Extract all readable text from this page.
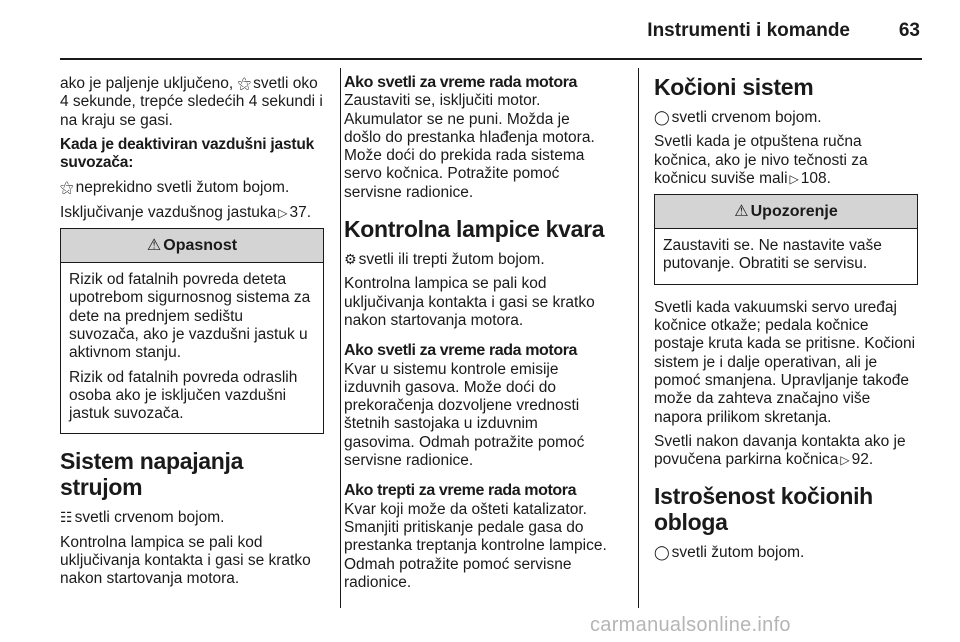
Instrumenti i komande	63

ako je paljenje uključeno, ⚝ svetli oko 4 sekunde, trepće sledećih 4 sekundi i na kraju se gasi.

Kada je deaktiviran vazdušni jastuk suvozača:

⚝ neprekidno svetli žutom bojom.

Isključivanje vazdušnog jastuka ▷ 37.

⚠ Opasnost

Rizik od fatalnih povreda deteta upotrebom sigurnosnog sistema za dete na prednjem sedištu suvozača, ako je vazdušni jastuk u aktivnom stanju.

Rizik od fatalnih povreda odraslih osoba ako je isključen vazdušni jastuk suvozača.

Sistem napajanja strujom

☷ svetli crvenom bojom.

Kontrolna lampica se pali kod uključivanja kontakta i gasi se kratko nakon startovanja motora.

Ako svetli za vreme rada motora

Zaustaviti se, isključiti motor. Akumulator se ne puni. Možda je došlo do prestanka hlađenja motora. Može doći do prekida rada sistema servo kočnica. Potražite pomoć servisne radionice.

Kontrolna lampice kvara

⚙ svetli ili trepti žutom bojom.

Kontrolna lampica se pali kod uključivanja kontakta i gasi se kratko nakon startovanja motora.

Ako svetli za vreme rada motora

Kvar u sistemu kontrole emisije izduvnih gasova. Može doći do prekoračenja dozvoljene vrednosti štetnih sastojaka u izduvnim gasovima. Odmah potražite pomoć servisne radionice.

Ako trepti za vreme rada motora

Kvar koji može da ošteti katalizator. Smanjiti pritiskanje pedale gasa do prestanka treptanja kontrolne lampice. Odmah potražite pomoć servisne radionice.

Kočioni sistem

◯ svetli crvenom bojom.

Svetli kada je otpuštena ručna kočnica, ako je nivo tečnosti za kočnicu suviše mali ▷ 108.

⚠ Upozorenje

Zaustaviti se. Ne nastavite vaše putovanje. Obratiti se servisu.

Svetli kada vakuumski servo uređaj kočnice otkaže; pedala kočnice postaje kruta kada se pritisne. Kočioni sistem je i dalje operativan, ali je pomoć smanjena. Upravljanje takođe može da zahteva značajno više napora prilikom skretanja.

Svetli nakon davanja kontakta ako je povučena parkirna kočnica ▷ 92.

Istrošenost kočionih obloga

◯ svetli žutom bojom.

carmanualsonline.info
